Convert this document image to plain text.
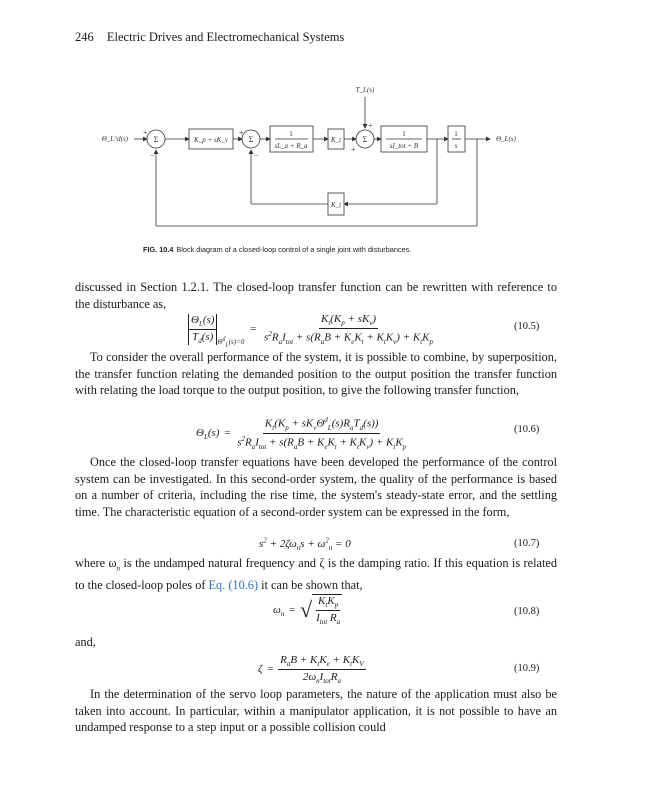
246 Electric Drives and Electromechanical Systems
Θ_L^d(s)	Θ_L(s)
T_L(s)
K_p + sK_v
1
sL_a + R_a
K_t
1
sI_tot + B
1
s
K_t
Σ	Σ	Σ
+
−
+
−
+
+
FIG. 10.4 Block diagram of a closed-loop control of a single joint with disturbances.
discussed in Section 1.2.1. The closed-loop transfer function can be rewritten with reference to the disturbance as,
$\frac{\Theta_L(s)}{T_d(s)} _{\Theta^d_L(s)=0} = \frac{K_t(K_p + sK_v)}{s^2R_aI_{tot} + s(R_aB + K_eK_t + K_tK_v) + K_tK_p}$	(10.5)
To consider the overall performance of the system, it is possible to combine, by superposition, the transfer function relating the demanded position to the output position the transfer function with relating the load torque to the output position, to give the following transfer function,
$\Theta_L(s) = \frac{K_t(K_p + sK_v\Theta^d_L(s)R_aT_d(s))}{s^2R_aI_{tot} + s(R_aB + K_eK_t + K_tK_v) + K_tK_p}$	(10.6)
Once the closed-loop transfer equations have been developed the performance of the control system can be investigated. In this second-order system, the quality of the performance is based on a number of criteria, including the rise time, the system's steady-state error, and the settling time. The characteristic equation of a second-order system can be expressed in the form,
$s^2 + 2\zeta\omega_ns + \omega^2_n = 0$	(10.7)
where $\omega_n$ is the undamped natural frequency and ζ is the damping ratio. If this equation is related to the closed-loop poles of Eq. (10.6) it can be shown that,
$\omega_n$ = √ $\frac{K_tK_p}{I_{tot} R_a}$	(10.8)
and,
$\zeta = \frac{R_aB + K_tK_e + K_tK_V}{2\omega_nI_{tot}R_a}$	(10.9)
In the determination of the servo loop parameters, the nature of the application must also be taken into account. In particular, within a manipulator application, it is not possible to have an undamped response to a step input or a possible collision could
